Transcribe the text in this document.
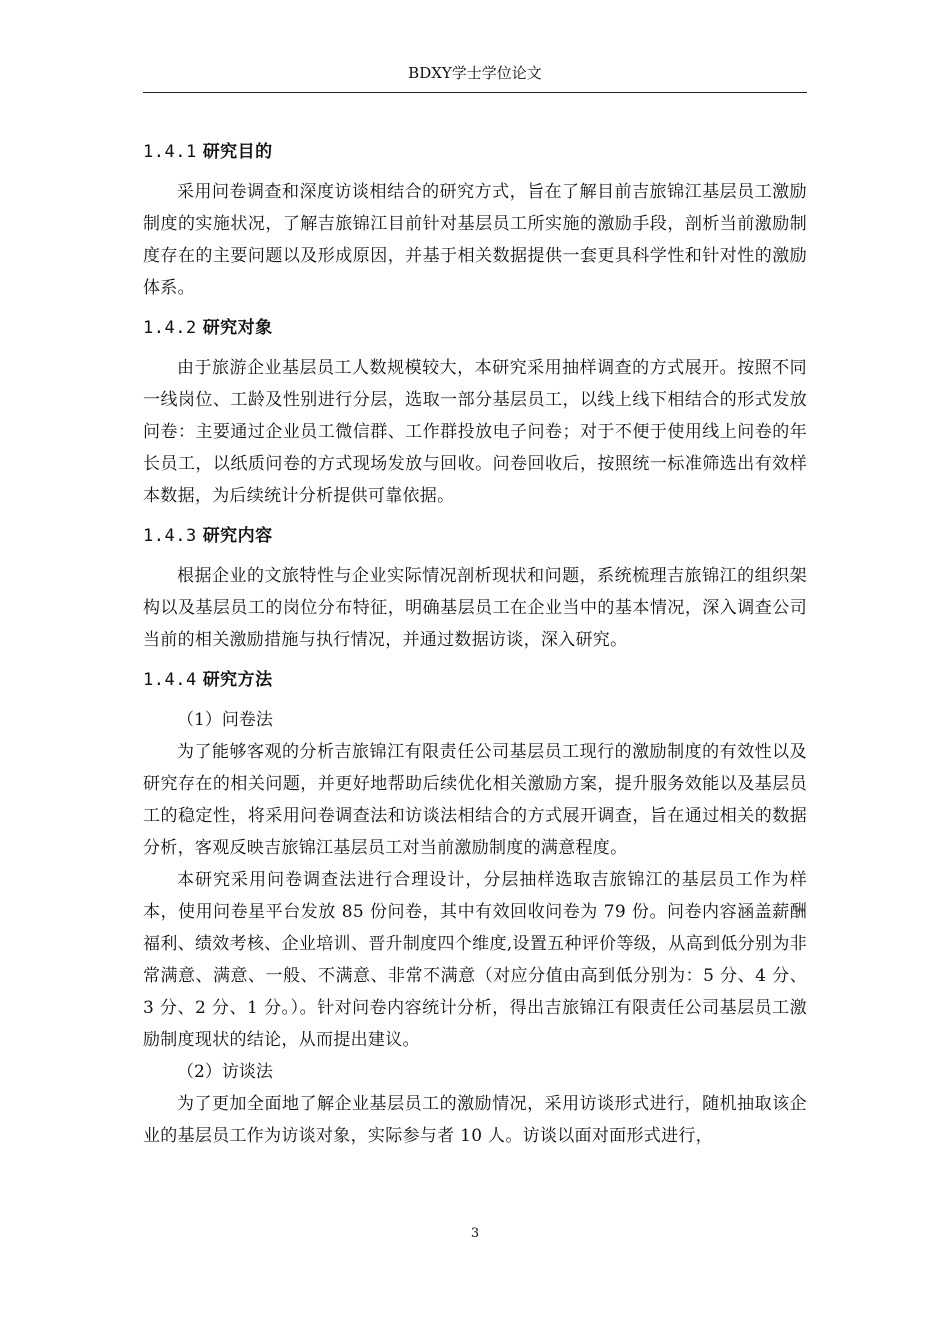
BDXY学士学位论文
1.4.1 研究目的

采用问卷调查和深度访谈相结合的研究方式，旨在了解目前吉旅锦江基层员工激励制度的实施状况，了解吉旅锦江目前针对基层员工所实施的激励手段，剖析当前激励制度存在的主要问题以及形成原因，并基于相关数据提供一套更具科学性和针对性的激励体系。

1.4.2 研究对象

由于旅游企业基层员工人数规模较大，本研究采用抽样调查的方式展开。按照不同一线岗位、工龄及性别进行分层，选取一部分基层员工，以线上线下相结合的形式发放问卷：主要通过企业员工微信群、工作群投放电子问卷；对于不便于使用线上问卷的年长员工，以纸质问卷的方式现场发放与回收。问卷回收后，按照统一标准筛选出有效样本数据，为后续统计分析提供可靠依据。

1.4.3 研究内容

根据企业的文旅特性与企业实际情况剖析现状和问题，系统梳理吉旅锦江的组织架构以及基层员工的岗位分布特征，明确基层员工在企业当中的基本情况，深入调查公司当前的相关激励措施与执行情况，并通过数据访谈，深入研究。

1.4.4 研究方法

（1）问卷法

为了能够客观的分析吉旅锦江有限责任公司基层员工现行的激励制度的有效性以及研究存在的相关问题，并更好地帮助后续优化相关激励方案，提升服务效能以及基层员工的稳定性，将采用问卷调查法和访谈法相结合的方式展开调查，旨在通过相关的数据分析，客观反映吉旅锦江基层员工对当前激励制度的满意程度。

本研究采用问卷调查法进行合理设计，分层抽样选取吉旅锦江的基层员工作为样本，使用问卷星平台发放 85 份问卷，其中有效回收问卷为 79 份。问卷内容涵盖薪酬福利、绩效考核、企业培训、晋升制度四个维度,设置五种评价等级，从高到低分别为非常满意、满意、一般、不满意、非常不满意（对应分值由高到低分别为：5 分、4 分、3 分、2 分、1 分。）。针对问卷内容统计分析，得出吉旅锦江有限责任公司基层员工激励制度现状的结论，从而提出建议。

（2）访谈法

为了更加全面地了解企业基层员工的激励情况，采用访谈形式进行，随机抽取该企业的基层员工作为访谈对象，实际参与者 10 人。访谈以面对面形式进行，

3
